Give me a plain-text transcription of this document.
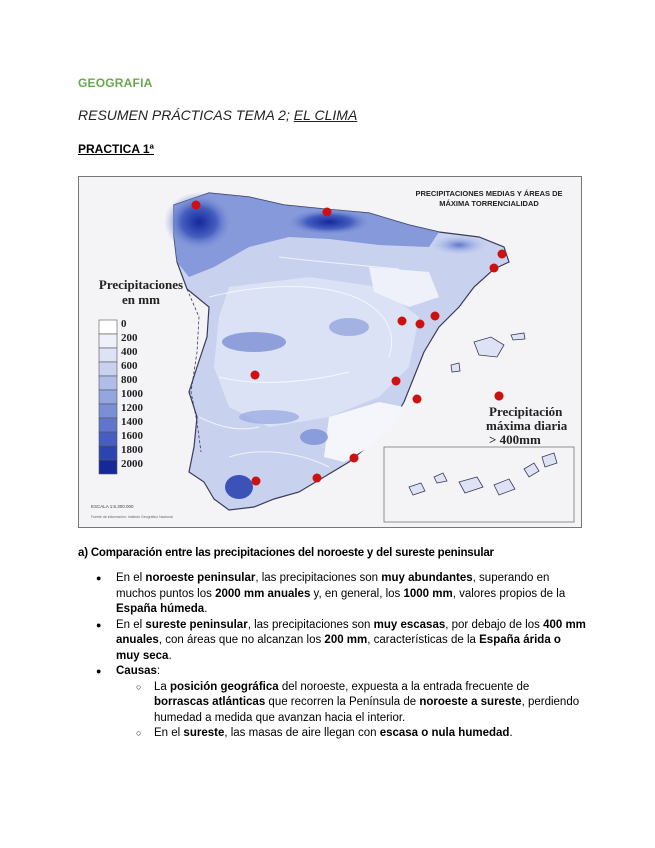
GEOGRAFIA
RESUMEN PRÁCTICAS TEMA 2; EL CLIMA
PRACTICA 1ª
PRECIPITACIONES MEDIAS Y ÁREAS DE
MÁXIMA TORRENCIALIDAD
Precipitaciones
en mm
0
200
400
600
800
1000
1200
1400
1600
1800
2000
Precipitación
máxima diaria
> 400mm
ESCALA 1:6.300.000
Fuente de información: Instituto Geográfico Nacional
a) Comparación entre las precipitaciones del noroeste y del sureste peninsular
● En el noroeste peninsular, las precipitaciones son muy abundantes, superando en muchos puntos los 2000 mm anuales y, en general, los 1000 mm, valores propios de la España húmeda.
● En el sureste peninsular, las precipitaciones son muy escasas, por debajo de los 400 mm anuales, con áreas que no alcanzan los 200 mm, características de la España árida o muy seca.
● Causas:
○ La posición geográfica del noroeste, expuesta a la entrada frecuente de borrascas atlánticas que recorren la Península de noroeste a sureste, perdiendo humedad a medida que avanzan hacia el interior.
○ En el sureste, las masas de aire llegan con escasa o nula humedad.
